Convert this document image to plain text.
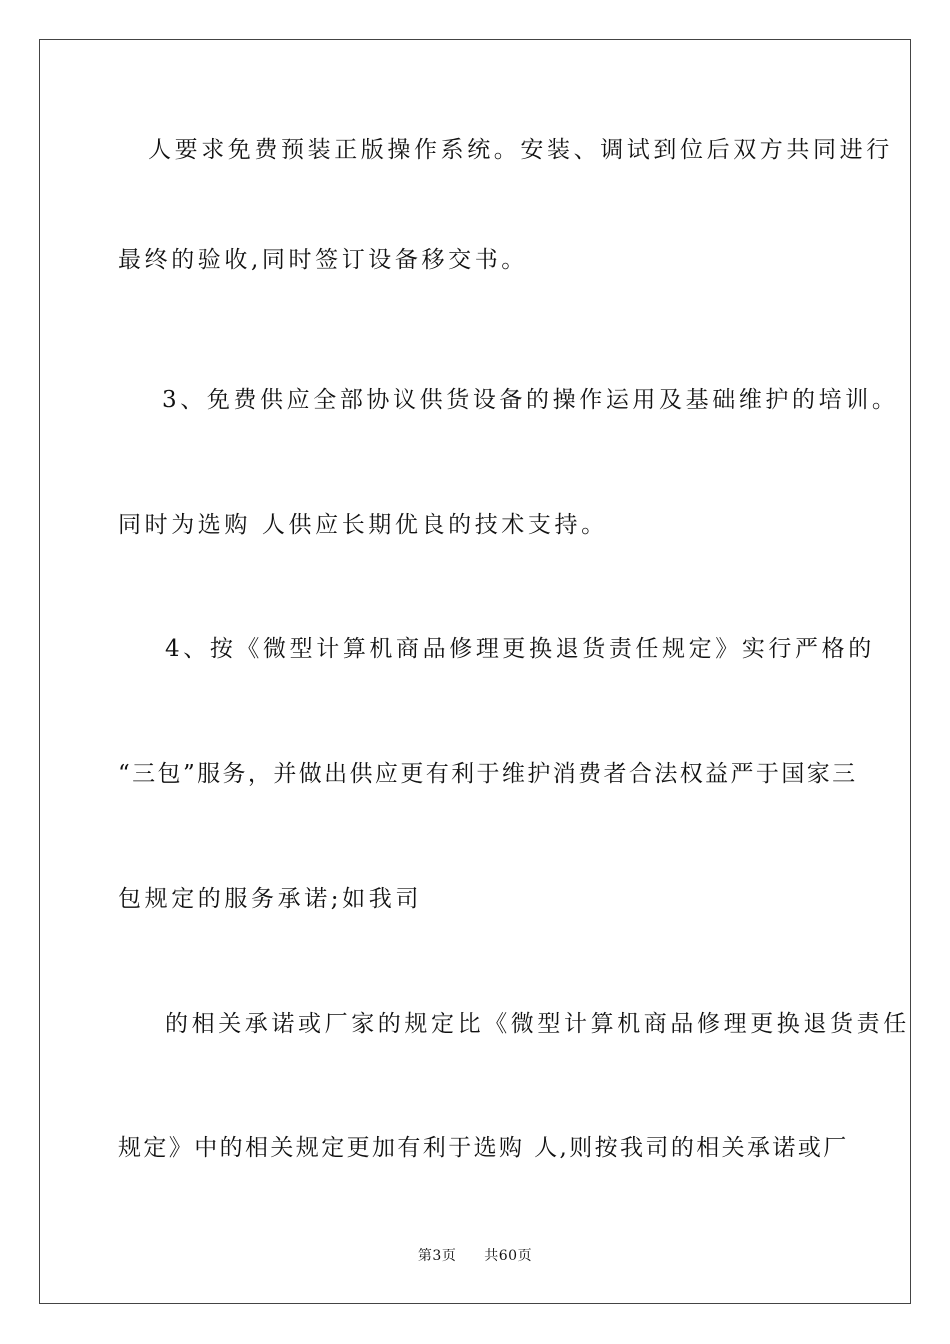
人要求免费预装正版操作系统。安装、调试到位后双方共同进行
最终的验收,同时签订设备移交书。
3、免费供应全部协议供货设备的操作运用及基础维护的培训。
同时为选购 人供应长期优良的技术支持。
4、按《微型计算机商品修理更换退货责任规定》实行严格的
“三包”服务，并做出供应更有利于维护消费者合法权益严于国家三
包规定的服务承诺;如我司
的相关承诺或厂家的规定比《微型计算机商品修理更换退货责任
规定》中的相关规定更加有利于选购 人,则按我司的相关承诺或厂
第3页 共60页
